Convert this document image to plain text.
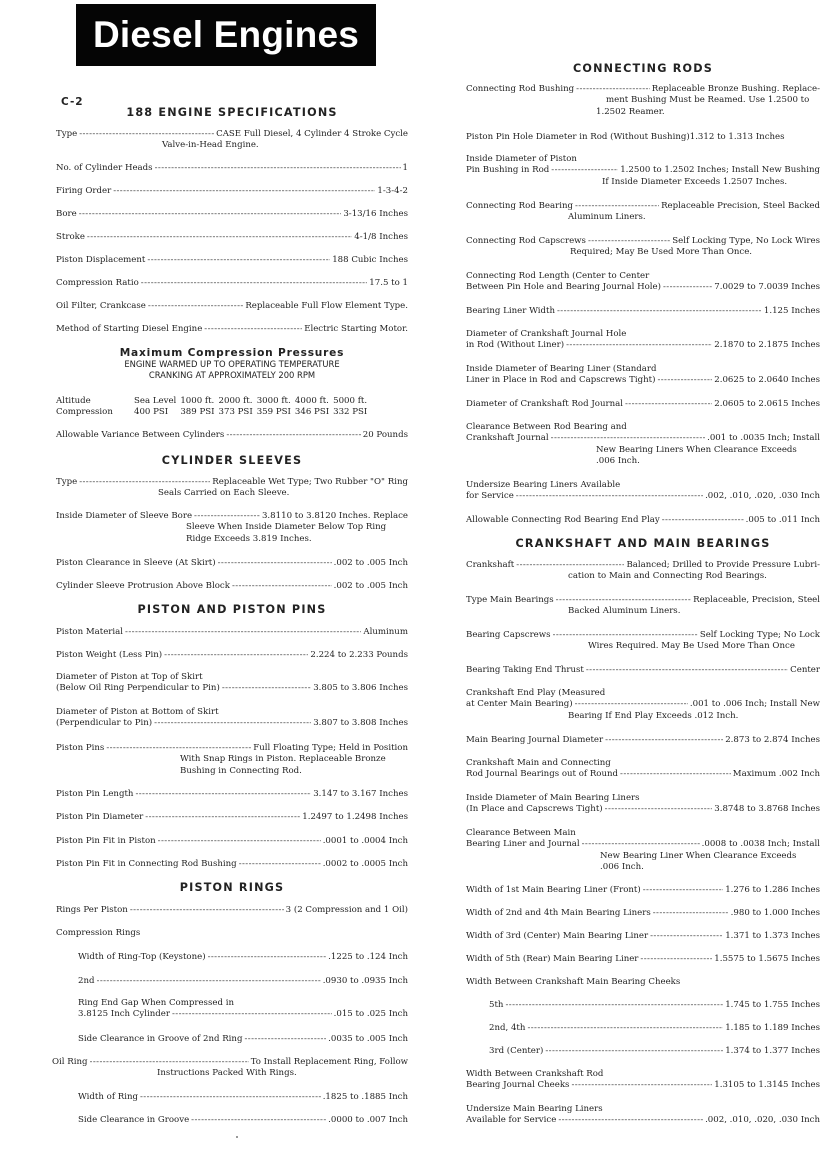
Diesel Engines
C-2
188 ENGINE SPECIFICATIONS
Type -----	CASE Full Diesel, 4 Cylinder 4 Stroke Cycle
Valve-in-Head Engine.
No. of Cylinder Heads -----	1
Firing Order -----	1-3-4-2
Bore -----	3-13/16 Inches
Stroke -----	4-1/8 Inches
Piston Displacement -----	188 Cubic Inches
Compression Ratio -----	17.5 to 1
Oil Filter, Crankcase -----	Replaceable Full Flow Element Type.
Method of Starting Diesel Engine -----	Electric Starting Motor.
Maximum Compression Pressures
ENGINE WARMED UP TO OPERATING TEMPERATURE
CRANKING AT APPROXIMATELY 200 RPM
Altitude	Sea Level	1000 ft.	2000 ft.	3000 ft.	4000 ft.	5000 ft.
Compression	400 PSI	389 PSI	373 PSI	359 PSI	346 PSI	332 PSI
Allowable Variance Between Cylinders -----	20 Pounds
CYLINDER SLEEVES
Type -----	Replaceable Wet Type; Two Rubber "O" Ring
Seals Carried on Each Sleeve.
Inside Diameter of Sleeve Bore -----	3.8110 to 3.8120 Inches. Replace
Sleeve When Inside Diameter Below Top Ring
Ridge Exceeds 3.819 Inches.
Piston Clearance in Sleeve (At Skirt) -----	.002 to .005 Inch
Cylinder Sleeve Protrusion Above Block -----	.002 to .005 Inch
PISTON AND PISTON PINS
Piston Material -----	Aluminum
Piston Weight (Less Pin) -----	2.224 to 2.233 Pounds
Diameter of Piston at Top of Skirt
(Below Oil Ring Perpendicular to Pin) -----	3.805 to 3.806 Inches
Diameter of Piston at Bottom of Skirt
(Perpendicular to Pin) -----	3.807 to 3.808 Inches
Piston Pins -----	Full Floating Type; Held in Position
With Snap Rings in Piston. Replaceable Bronze
Bushing in Connecting Rod.
Piston Pin Length -----	3.147 to 3.167 Inches
Piston Pin Diameter -----	1.2497 to 1.2498 Inches
Piston Pin Fit in Piston -----	.0001 to .0004 Inch
Piston Pin Fit in Connecting Rod Bushing -----	.0002 to .0005 Inch
PISTON RINGS
Rings Per Piston -----	3 (2 Compression and 1 Oil)
Compression Rings
Width of Ring-Top (Keystone) -----	.1225 to .124 Inch
2nd -----	.0930 to .0935 Inch
Ring End Gap When Compressed in
3.8125 Inch Cylinder -----	.015 to .025 Inch
Side Clearance in Groove of 2nd Ring -----	.0035 to .005 Inch
Oil Ring -----	To Install Replacement Ring, Follow
Instructions Packed With Rings.
Width of Ring -----	.1825 to .1885 Inch
Side Clearance in Groove -----	.0000 to .007 Inch
CONNECTING RODS
Connecting Rod Bushing -----	Replaceable Bronze Bushing. Replace-
ment Bushing Must be Reamed. Use 1.2500 to
1.2502 Reamer.
Piston Pin Hole Diameter in Rod (Without Bushing) 1.312 to 1.313 Inches
Inside Diameter of Piston
Pin Bushing in Rod -----	1.2500 to 1.2502 Inches; Install New Bushing
If Inside Diameter Exceeds 1.2507 Inches.
Connecting Rod Bearing -----	Replaceable Precision, Steel Backed
Aluminum Liners.
Connecting Rod Capscrews -----	Self Locking Type, No Lock Wires
Required; May Be Used More Than Once.
Connecting Rod Length (Center to Center
Between Pin Hole and Bearing Journal Hole) -----	7.0029 to 7.0039 Inches
Bearing Liner Width -----	1.125 Inches
Diameter of Crankshaft Journal Hole
in Rod (Without Liner) -----	2.1870 to 2.1875 Inches
Inside Diameter of Bearing Liner (Standard
Liner in Place in Rod and Capscrews Tight) -----	2.0625 to 2.0640 Inches
Diameter of Crankshaft Rod Journal -----	2.0605 to 2.0615 Inches
Clearance Between Rod Bearing and
Crankshaft Journal -----	.001 to .0035 Inch; Install
New Bearing Liners When Clearance Exceeds
.006 Inch.
Undersize Bearing Liners Available
for Service -----	.002, .010, .020, .030 Inch
Allowable Connecting Rod Bearing End Play -----	.005 to .011 Inch
CRANKSHAFT AND MAIN BEARINGS
Crankshaft -----	Balanced; Drilled to Provide Pressure Lubri-
cation to Main and Connecting Rod Bearings.
Type Main Bearings -----	Replaceable, Precision, Steel
Backed Aluminum Liners.
Bearing Capscrews -----	Self Locking Type; No Lock
Wires Required. May Be Used More Than Once
Bearing Taking End Thrust -----	Center
Crankshaft End Play (Measured
at Center Main Bearing) -----	.001 to .006 Inch; Install New
Bearing If End Play Exceeds .012 Inch.
Main Bearing Journal Diameter -----	2.873 to 2.874 Inches
Crankshaft Main and Connecting
Rod Journal Bearings out of Round -----	Maximum .002 Inch
Inside Diameter of Main Bearing Liners
(In Place and Capscrews Tight) -----	3.8748 to 3.8768 Inches
Clearance Between Main
Bearing Liner and Journal -----	.0008 to .0038 Inch; Install
New Bearing Liner When Clearance Exceeds
.006 Inch.
Width of 1st Main Bearing Liner (Front) -----	1.276 to 1.286 Inches
Width of 2nd and 4th Main Bearing Liners -----	.980 to 1.000 Inches
Width of 3rd (Center) Main Bearing Liner -----	1.371 to 1.373 Inches
Width of 5th (Rear) Main Bearing Liner -----	1.5575 to 1.5675 Inches
Width Between Crankshaft Main Bearing Cheeks
5th -----	1.745 to 1.755 Inches
2nd, 4th -----	1.185 to 1.189 Inches
3rd (Center) -----	1.374 to 1.377 Inches
Width Between Crankshaft Rod
Bearing Journal Cheeks -----	1.3105 to 1.3145 Inches
Undersize Main Bearing Liners
Available for Service -----	.002, .010, .020, .030 Inch
